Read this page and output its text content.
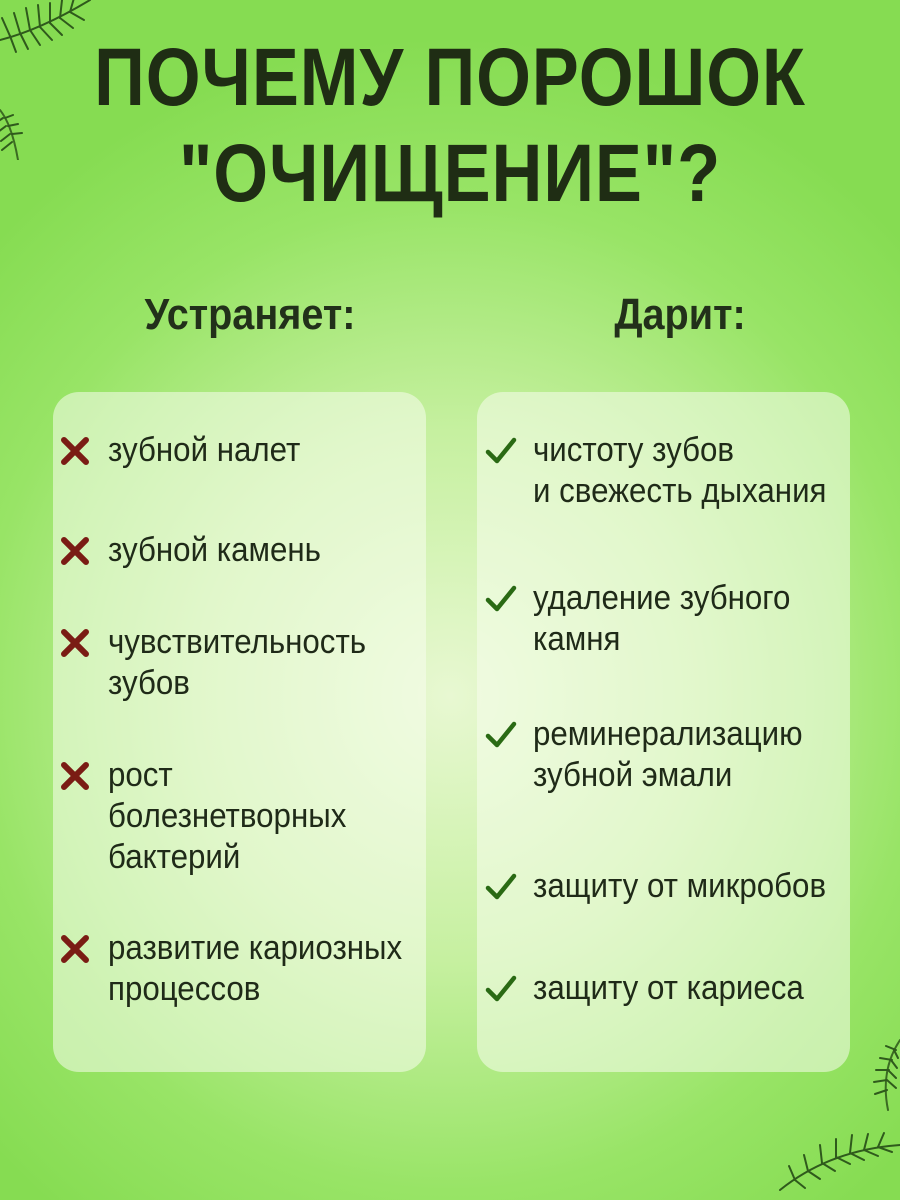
ПОЧЕМУ ПОРОШОК
"ОЧИЩЕНИЕ"?
Устраняет:	Дарит:
зубной налет
зубной камень
чувствительность
зубов
рост
болезнетворных
бактерий
развитие кариозных
процессов
чистоту зубов
и свежесть дыхания
удаление зубного
камня
реминерализацию
зубной эмали
защиту от микробов
защиту от кариеса
